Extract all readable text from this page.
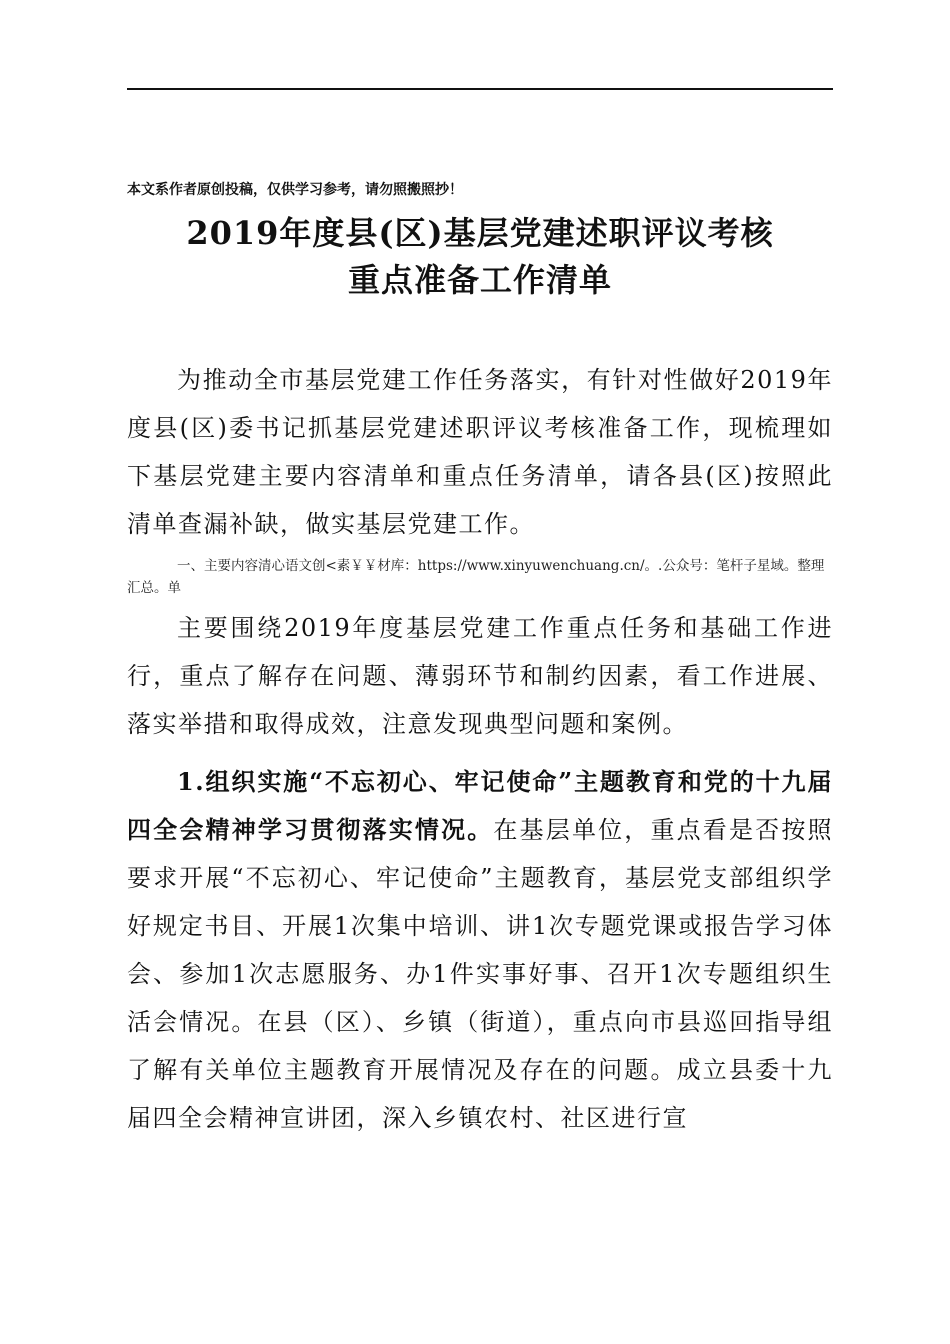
本文系作者原创投稿，仅供学习参考，请勿照搬照抄！
2019年度县(区)基层党建述职评议考核
重点准备工作清单

为推动全市基层党建工作任务落实，有针对性做好2019年度县(区)委书记抓基层党建述职评议考核准备工作，现梳理如下基层党建主要内容清单和重点任务清单，请各县(区)按照此清单查漏补缺，做实基层党建工作。

一、主要内容清心语文创<素￥￥材库：https://www.xinyuwenchuang.cn/。.公众号：笔杆子星域。整理汇总。单

主要围绕2019年度基层党建工作重点任务和基础工作进行，重点了解存在问题、薄弱环节和制约因素，看工作进展、落实举措和取得成效，注意发现典型问题和案例。

1.组织实施“不忘初心、牢记使命”主题教育和党的十九届四全会精神学习贯彻落实情况。在基层单位，重点看是否按照要求开展“不忘初心、牢记使命”主题教育，基层党支部组织学好规定书目、开展1次集中培训、讲1次专题党课或报告学习体会、参加1次志愿服务、办1件实事好事、召开1次专题组织生活会情况。在县（区）、乡镇（街道），重点向市县巡回指导组了解有关单位主题教育开展情况及存在的问题。成立县委十九届四全会精神宣讲团，深入乡镇农村、社区进行宣
